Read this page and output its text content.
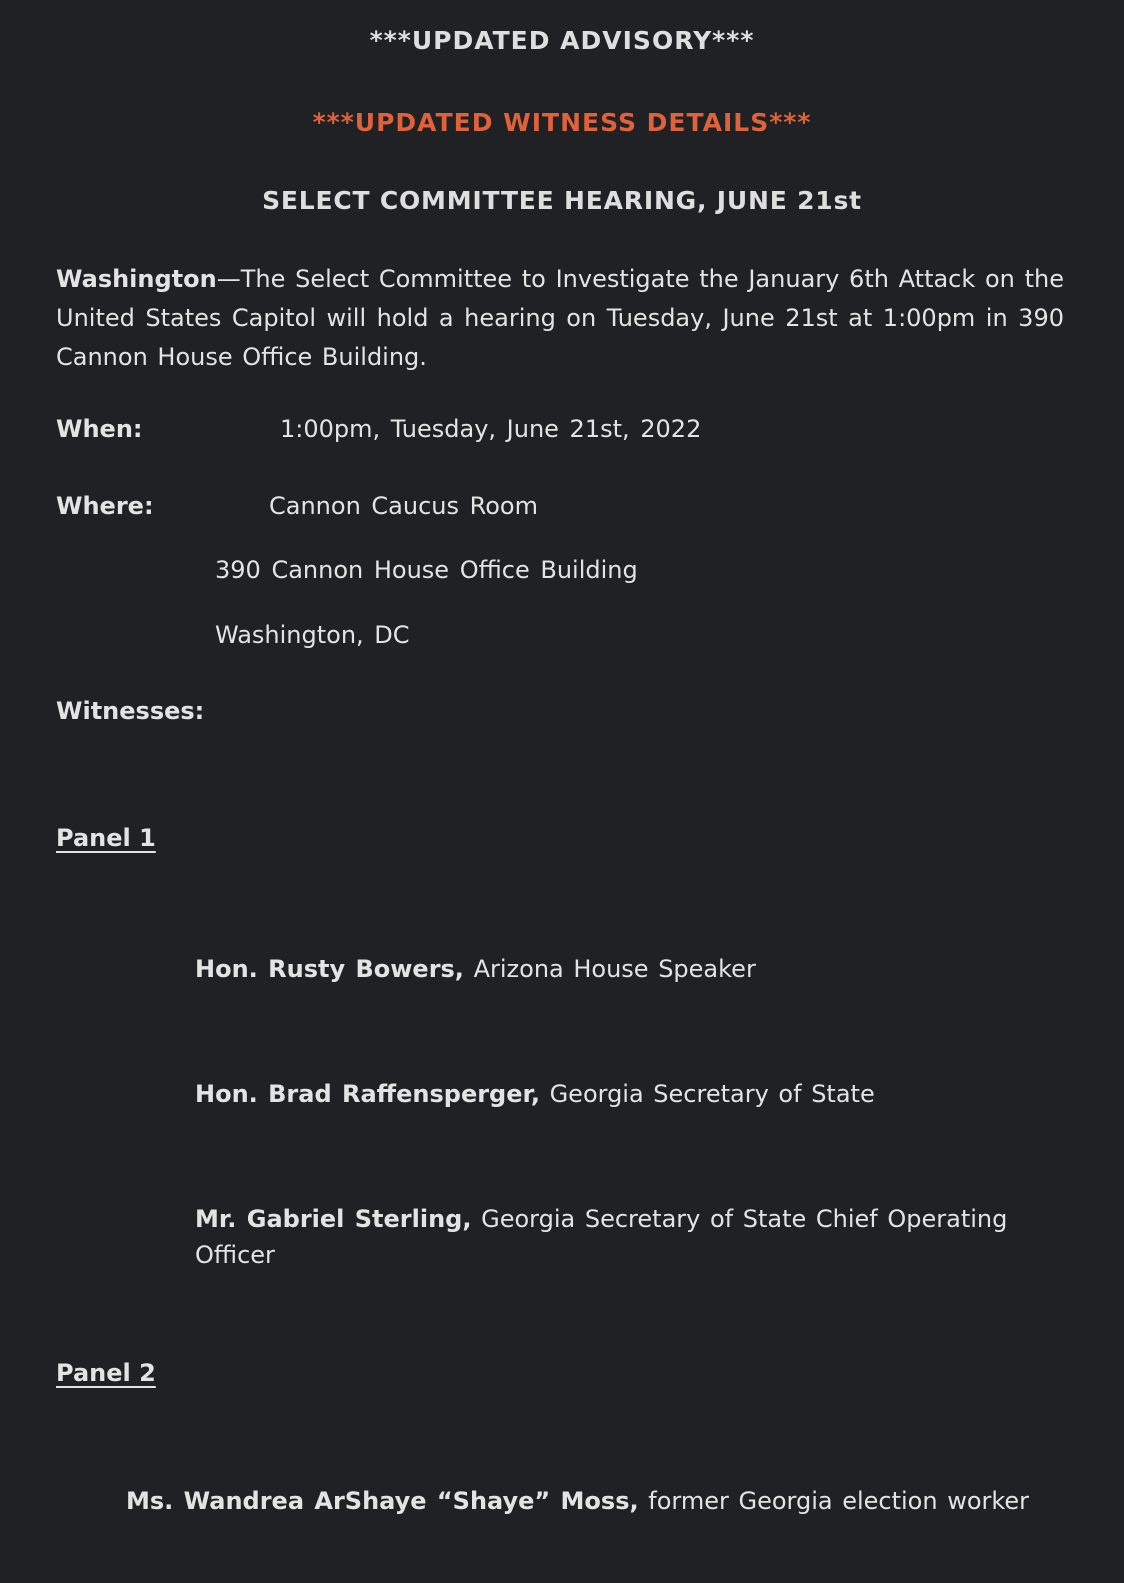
***UPDATED ADVISORY***
***UPDATED WITNESS DETAILS***
SELECT COMMITTEE HEARING, JUNE 21st
Washington—The Select Committee to Investigate the January 6th Attack on the United States Capitol will hold a hearing on Tuesday, June 21st at 1:00pm in 390 Cannon House Office Building.
When:	1:00pm, Tuesday, June 21st, 2022
Where:	Cannon Caucus Room
390 Cannon House Office Building
Washington, DC
Witnesses:
Panel 1
Hon. Rusty Bowers, Arizona House Speaker
Hon. Brad Raffensperger, Georgia Secretary of State
Mr. Gabriel Sterling, Georgia Secretary of State Chief Operating Officer
Panel 2
Ms. Wandrea ArShaye “Shaye” Moss, former Georgia election worker
